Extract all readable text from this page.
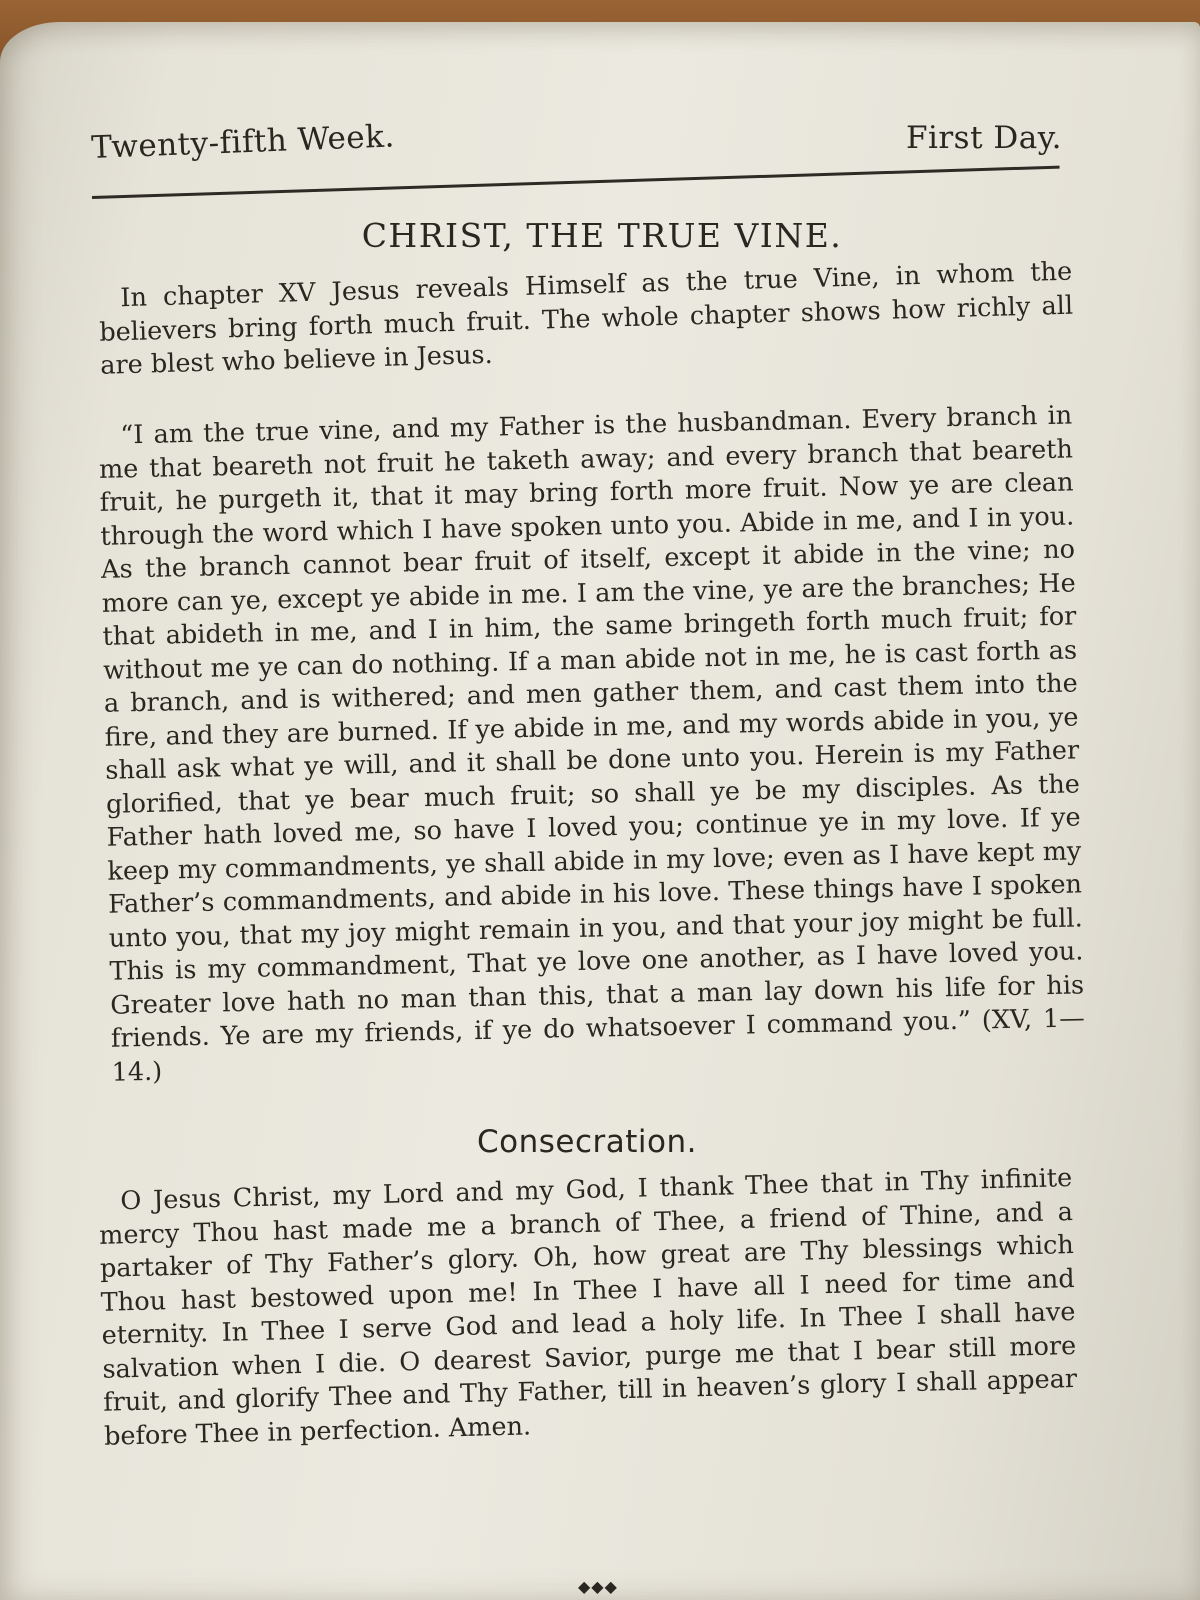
Twenty-fifth Week.	First Day.
CHRIST, THE TRUE VINE.

In chapter XV Jesus reveals Himself as the true Vine, in whom the believers bring forth much fruit. The whole chapter shows how richly all are blest who believe in Jesus.

“I am the true vine, and my Father is the husbandman. Every branch in me that beareth not fruit he taketh away; and every branch that beareth fruit, he purgeth it, that it may bring forth more fruit. Now ye are clean through the word which I have spoken unto you. Abide in me, and I in you. As the branch cannot bear fruit of itself, except it abide in the vine; no more can ye, except ye abide in me. I am the vine, ye are the branches; He that abideth in me, and I in him, the same bringeth forth much fruit; for without me ye can do nothing. If a man abide not in me, he is cast forth as a branch, and is withered; and men gather them, and cast them into the fire, and they are burned. If ye abide in me, and my words abide in you, ye shall ask what ye will, and it shall be done unto you. Herein is my Father glorified, that ye bear much fruit; so shall ye be my disciples. As the Father hath loved me, so have I loved you; continue ye in my love. If ye keep my commandments, ye shall abide in my love; even as I have kept my Father’s commandments, and abide in his love. These things have I spoken unto you, that my joy might remain in you, and that your joy might be full. This is my commandment, That ye love one another, as I have loved you. Greater love hath no man than this, that a man lay down his life for his friends. Ye are my friends, if ye do whatsoever I command you.” (XV, 1—14.)

Consecration.

O Jesus Christ, my Lord and my God, I thank Thee that in Thy infinite mercy Thou hast made me a branch of Thee, a friend of Thine, and a partaker of Thy Father’s glory. Oh, how great are Thy blessings which Thou hast bestowed upon me! In Thee I have all I need for time and eternity. In Thee I serve God and lead a holy life. In Thee I shall have salvation when I die. O dearest Savior, purge me that I bear still more fruit, and glorify Thee and Thy Father, till in heaven’s glory I shall appear before Thee in perfection. Amen.

◆◆◆
